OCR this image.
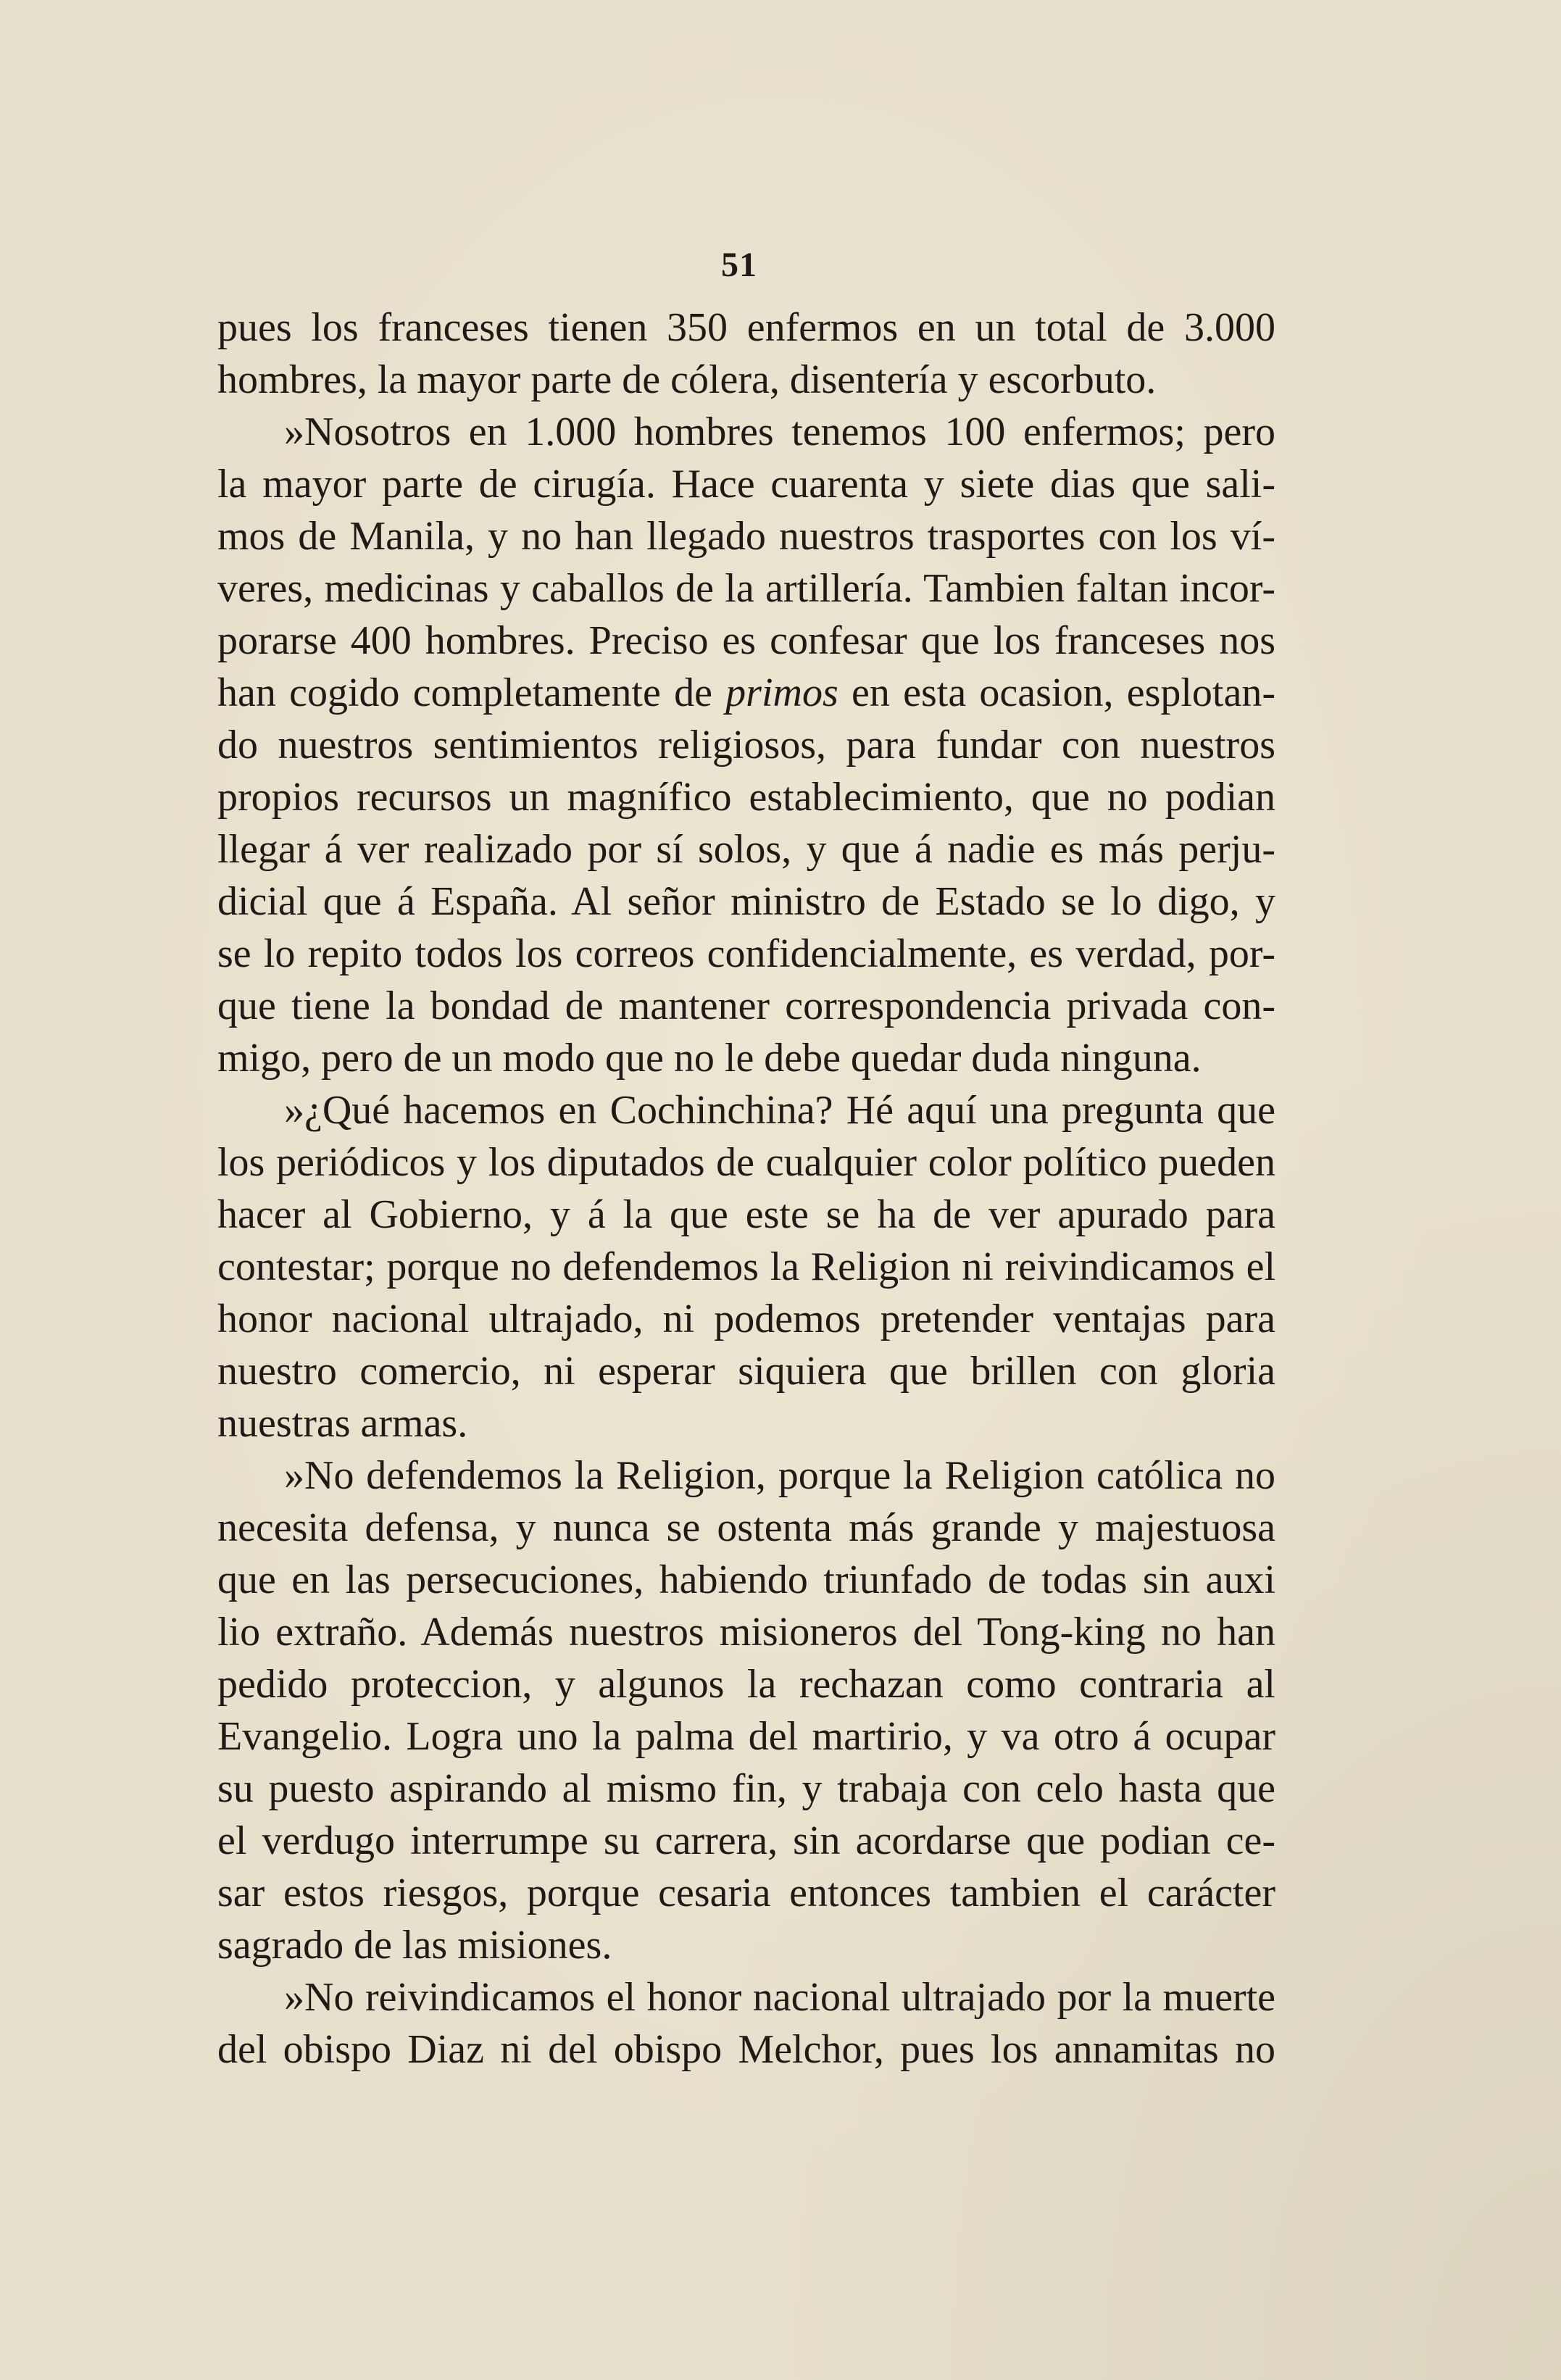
51
pues los franceses tienen 350 enfermos en un total de 3.000
hombres, la mayor parte de cólera, disentería y escorbuto.
»Nosotros en 1.000 hombres tenemos 100 enfermos; pero
la mayor parte de cirugía. Hace cuarenta y siete dias que sali-
mos de Manila, y no han llegado nuestros trasportes con los ví-
veres, medicinas y caballos de la artillería. Tambien faltan incor-
porarse 400 hombres. Preciso es confesar que los franceses nos
han cogido completamente de primos en esta ocasion, esplotan-
do nuestros sentimientos religiosos, para fundar con nuestros
propios recursos un magnífico establecimiento, que no podian
llegar á ver realizado por sí solos, y que á nadie es más perju-
dicial que á España. Al señor ministro de Estado se lo digo, y
se lo repito todos los correos confidencialmente, es verdad, por-
que tiene la bondad de mantener correspondencia privada con-
migo, pero de un modo que no le debe quedar duda ninguna.
»¿Qué hacemos en Cochinchina? Hé aquí una pregunta que
los periódicos y los diputados de cualquier color político pueden
hacer al Gobierno, y á la que este se ha de ver apurado para
contestar; porque no defendemos la Religion ni reivindicamos el
honor nacional ultrajado, ni podemos pretender ventajas para
nuestro comercio, ni esperar siquiera que brillen con gloria
nuestras armas.
»No defendemos la Religion, porque la Religion católica no
necesita defensa, y nunca se ostenta más grande y majestuosa
que en las persecuciones, habiendo triunfado de todas sin auxi
lio extraño. Además nuestros misioneros del Tong-king no han
pedido proteccion, y algunos la rechazan como contraria al
Evangelio. Logra uno la palma del martirio, y va otro á ocupar
su puesto aspirando al mismo fin, y trabaja con celo hasta que
el verdugo interrumpe su carrera, sin acordarse que podian ce-
sar estos riesgos, porque cesaria entonces tambien el carácter
sagrado de las misiones.
»No reivindicamos el honor nacional ultrajado por la muerte
del obispo Diaz ni del obispo Melchor, pues los annamitas no
